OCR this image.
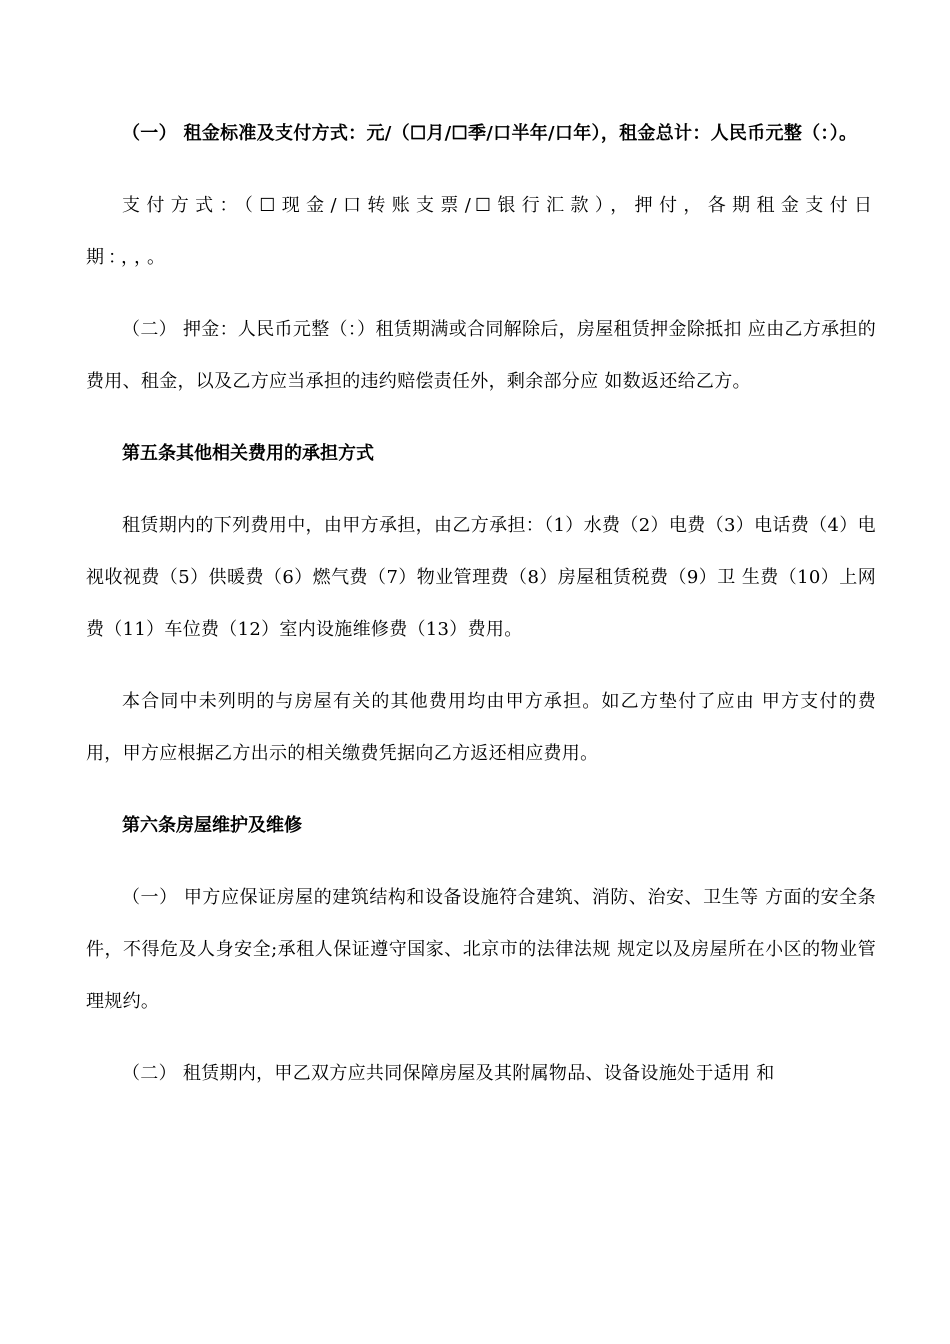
（一） 租金标准及支付方式：元/（☐月/☐季/口半年/口年），租金总计：人民币元整（：）。

支付方式：（☐现金/口转账支票/☐银行汇款），押付，各期租金支付日期：，，。

（二） 押金：人民币元整（：）租赁期满或合同解除后，房屋租赁押金除抵扣 应由乙方承担的费用、租金，以及乙方应当承担的违约赔偿责任外，剩余部分应 如数返还给乙方。

第五条其他相关费用的承担方式

租赁期内的下列费用中，由甲方承担，由乙方承担：（1）水费（2）电费（3）电话费（4）电视收视费（5）供暖费（6）燃气费（7）物业管理费（8）房屋租赁税费（9）卫 生费（10）上网费（11）车位费（12）室内设施维修费（13）费用。

本合同中未列明的与房屋有关的其他费用均由甲方承担。如乙方垫付了应由 甲方支付的费用，甲方应根据乙方出示的相关缴费凭据向乙方返还相应费用。

第六条房屋维护及维修

（一） 甲方应保证房屋的建筑结构和设备设施符合建筑、消防、治安、卫生等 方面的安全条件，不得危及人身安全;承租人保证遵守国家、北京市的法律法规 规定以及房屋所在小区的物业管理规约。

（二） 租赁期内，甲乙双方应共同保障房屋及其附属物品、设备设施处于适用 和
